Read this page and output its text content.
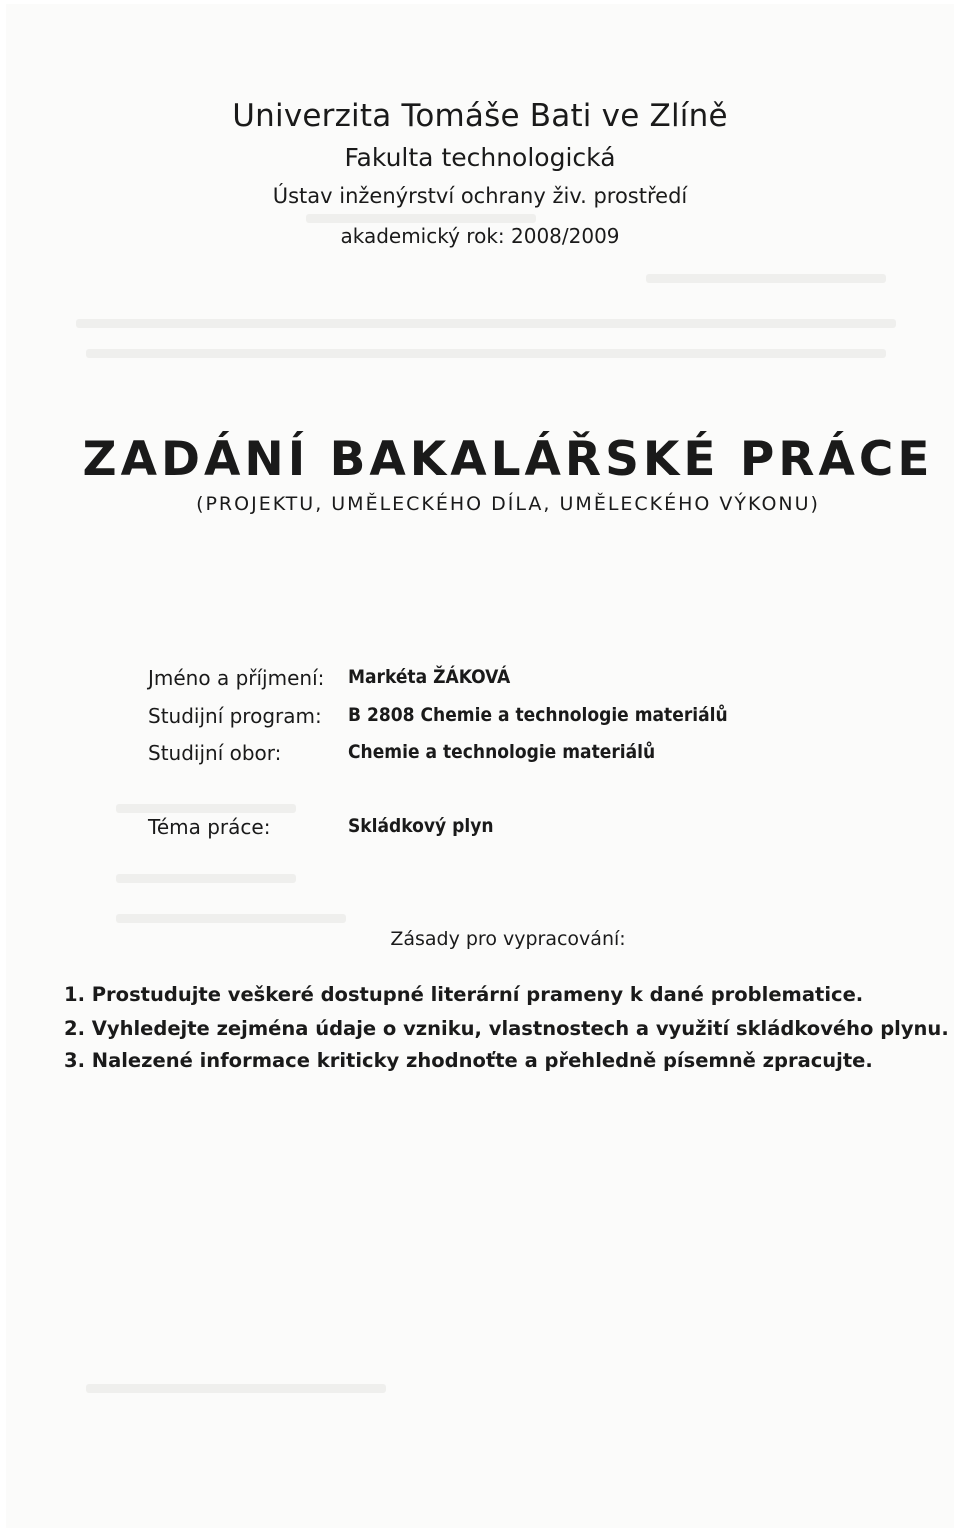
Univerzita Tomáše Bati ve Zlíně
Fakulta technologická
Ústav inženýrství ochrany živ. prostředí
akademický rok: 2008/2009
ZADÁNÍ BAKALÁŘSKÉ PRÁCE
(PROJEKTU, UMĚLECKÉHO DÍLA, UMĚLECKÉHO VÝKONU)
Jméno a příjmení: Markéta ŽÁKOVÁ
Studijní program: B 2808 Chemie a technologie materiálů
Studijní obor:	Chemie a technologie materiálů
Téma práce:	Skládkový plyn
Zásady pro vypracování:
1. Prostudujte veškeré dostupné literární prameny k dané problematice.
2. Vyhledejte zejména údaje o vzniku, vlastnostech a využití skládkového plynu.
3. Nalezené informace kriticky zhodnoťte a přehledně písemně zpracujte.
